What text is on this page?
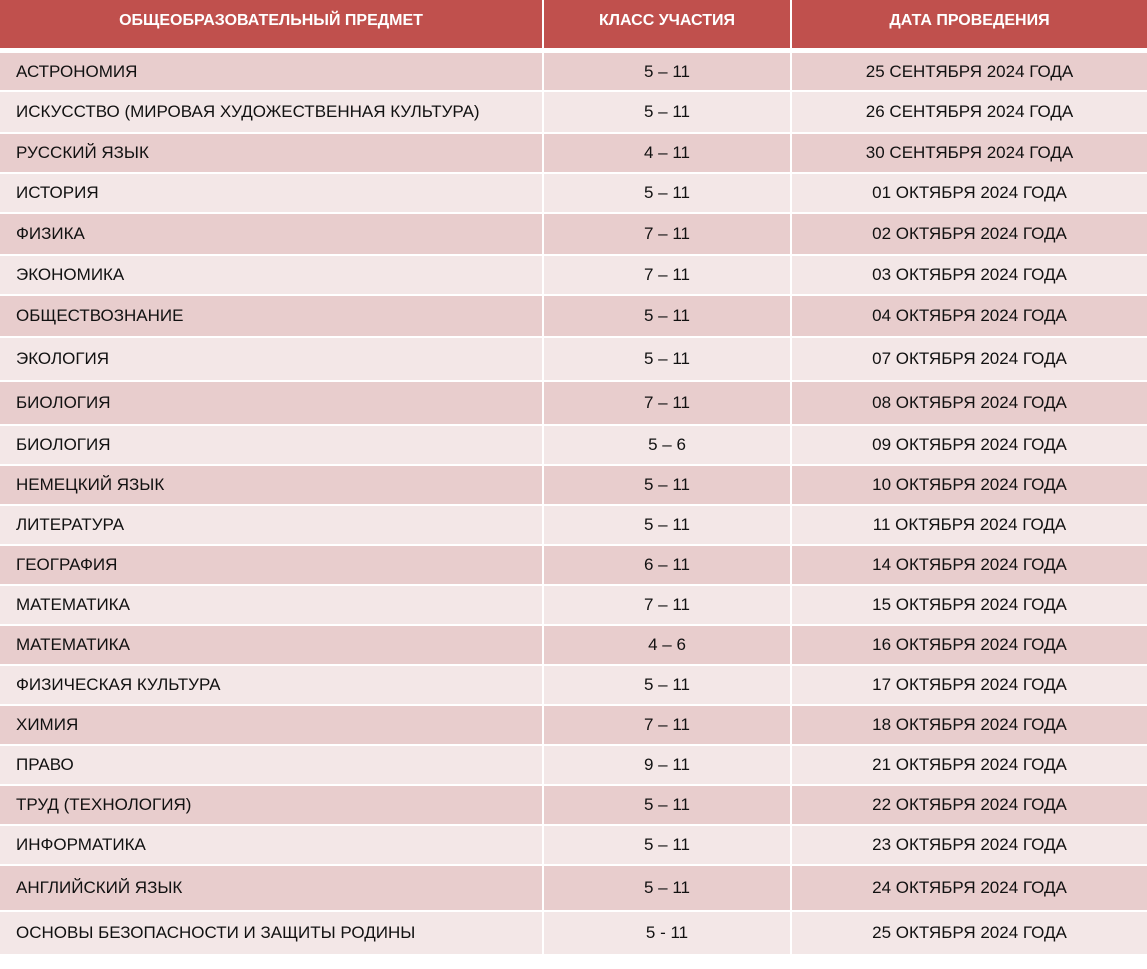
ОБЩЕОБРАЗОВАТЕЛЬНЫЙ ПРЕДМЕТ	КЛАСС УЧАСТИЯ	ДАТА ПРОВЕДЕНИЯ
АСТРОНОМИЯ	5 – 11	25 СЕНТЯБРЯ 2024 ГОДА
ИСКУССТВО (МИРОВАЯ ХУДОЖЕСТВЕННАЯ КУЛЬТУРА)	5 – 11	26 СЕНТЯБРЯ 2024 ГОДА
РУССКИЙ ЯЗЫК	4 – 11	30 СЕНТЯБРЯ 2024 ГОДА
ИСТОРИЯ	5 – 11	01 ОКТЯБРЯ 2024 ГОДА
ФИЗИКА	7 – 11	02 ОКТЯБРЯ 2024 ГОДА
ЭКОНОМИКА	7 – 11	03 ОКТЯБРЯ 2024 ГОДА
ОБЩЕСТВОЗНАНИЕ	5 – 11	04 ОКТЯБРЯ 2024 ГОДА
ЭКОЛОГИЯ	5 – 11	07 ОКТЯБРЯ 2024 ГОДА
БИОЛОГИЯ	7 – 11	08 ОКТЯБРЯ 2024 ГОДА
БИОЛОГИЯ	5 – 6	09 ОКТЯБРЯ 2024 ГОДА
НЕМЕЦКИЙ ЯЗЫК	5 – 11	10 ОКТЯБРЯ 2024 ГОДА
ЛИТЕРАТУРА	5 – 11	11 ОКТЯБРЯ 2024 ГОДА
ГЕОГРАФИЯ	6 – 11	14 ОКТЯБРЯ 2024 ГОДА
МАТЕМАТИКА	7 – 11	15 ОКТЯБРЯ 2024 ГОДА
МАТЕМАТИКА	4 – 6	16 ОКТЯБРЯ 2024 ГОДА
ФИЗИЧЕСКАЯ КУЛЬТУРА	5 – 11	17 ОКТЯБРЯ 2024 ГОДА
ХИМИЯ	7 – 11	18 ОКТЯБРЯ 2024 ГОДА
ПРАВО	9 – 11	21 ОКТЯБРЯ 2024 ГОДА
ТРУД (ТЕХНОЛОГИЯ)	5 – 11	22 ОКТЯБРЯ 2024 ГОДА
ИНФОРМАТИКА	5 – 11	23 ОКТЯБРЯ 2024 ГОДА
АНГЛИЙСКИЙ ЯЗЫК	5 – 11	24 ОКТЯБРЯ 2024 ГОДА
ОСНОВЫ БЕЗОПАСНОСТИ И ЗАЩИТЫ РОДИНЫ	5 - 11	25 ОКТЯБРЯ 2024 ГОДА
